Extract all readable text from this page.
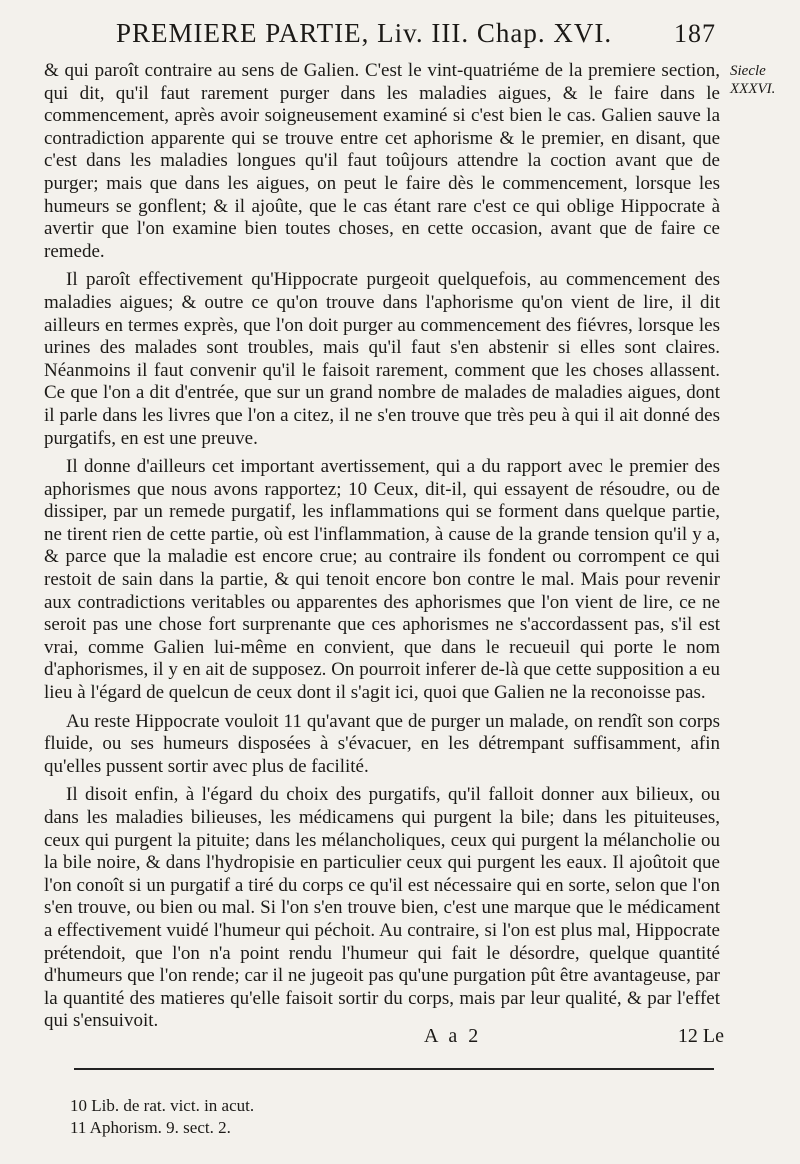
PREMIERE PARTIE, Liv. III. Chap. XVI. 187
Siecle XXXVI.

& qui paroît contraire au sens de Galien. C'est le vint-quatriéme de la premiere section, qui dit, qu'il faut rarement purger dans les maladies aigues, & le faire dans le commencement, après avoir soigneusement examiné si c'est bien le cas. Galien sauve la contradiction apparente qui se trouve entre cet aphorisme & le premier, en disant, que c'est dans les maladies longues qu'il faut toûjours attendre la coction avant que de purger; mais que dans les aigues, on peut le faire dès le commencement, lorsque les humeurs se gonflent; & il ajoûte, que le cas étant rare c'est ce qui oblige Hippocrate à avertir que l'on examine bien toutes choses, en cette occasion, avant que de faire ce remede.

Il paroît effectivement qu'Hippocrate purgeoit quelquefois, au commencement des maladies aigues; & outre ce qu'on trouve dans l'aphorisme qu'on vient de lire, il dit ailleurs en termes exprès, que l'on doit purger au commencement des fiévres, lorsque les urines des malades sont troubles, mais qu'il faut s'en abstenir si elles sont claires. Néanmoins il faut convenir qu'il le faisoit rarement, comment que les choses allassent. Ce que l'on a dit d'entrée, que sur un grand nombre de malades de maladies aigues, dont il parle dans les livres que l'on a citez, il ne s'en trouve que très peu à qui il ait donné des purgatifs, en est une preuve.

Il donne d'ailleurs cet important avertissement, qui a du rapport avec le premier des aphorismes que nous avons rapportez; 10 Ceux, dit-il, qui essayent de résoudre, ou de dissiper, par un remede purgatif, les inflammations qui se forment dans quelque partie, ne tirent rien de cette partie, où est l'inflammation, à cause de la grande tension qu'il y a, & parce que la maladie est encore crue; au contraire ils fondent ou corrompent ce qui restoit de sain dans la partie, & qui tenoit encore bon contre le mal. Mais pour revenir aux contradictions veritables ou apparentes des aphorismes que l'on vient de lire, ce ne seroit pas une chose fort surprenante que ces aphorismes ne s'accordassent pas, s'il est vrai, comme Galien lui-même en convient, que dans le recueuil qui porte le nom d'aphorismes, il y en ait de supposez. On pourroit inferer de-là que cette supposition a eu lieu à l'égard de quelcun de ceux dont il s'agit ici, quoi que Galien ne la reconoisse pas.

Au reste Hippocrate vouloit 11 qu'avant que de purger un malade, on rendît son corps fluide, ou ses humeurs disposées à s'évacuer, en les détrempant suffisamment, afin qu'elles pussent sortir avec plus de facilité.

Il disoit enfin, à l'égard du choix des purgatifs, qu'il falloit donner aux bilieux, ou dans les maladies bilieuses, les médicamens qui purgent la bile; dans les pituiteuses, ceux qui purgent la pituite; dans les mélancholiques, ceux qui purgent la mélancholie ou la bile noire, & dans l'hydropisie en particulier ceux qui purgent les eaux. Il ajoûtoit que l'on conoît si un purgatif a tiré du corps ce qu'il est nécessaire qui en sorte, selon que l'on s'en trouve, ou bien ou mal. Si l'on s'en trouve bien, c'est une marque que le médicament a effectivement vuidé l'humeur qui péchoit. Au contraire, si l'on est plus mal, Hippocrate prétendoit, que l'on n'a point rendu l'humeur qui fait le désordre, quelque quantité d'humeurs que l'on rende; car il ne jugeoit pas qu'une purgation pût être avantageuse, par la quantité des matieres qu'elle faisoit sortir du corps, mais par leur qualité, & par l'effet qui s'ensuivoit.

A a 2	12 Le
10 Lib. de rat. vict. in acut.
11 Aphorism. 9. sect. 2.
